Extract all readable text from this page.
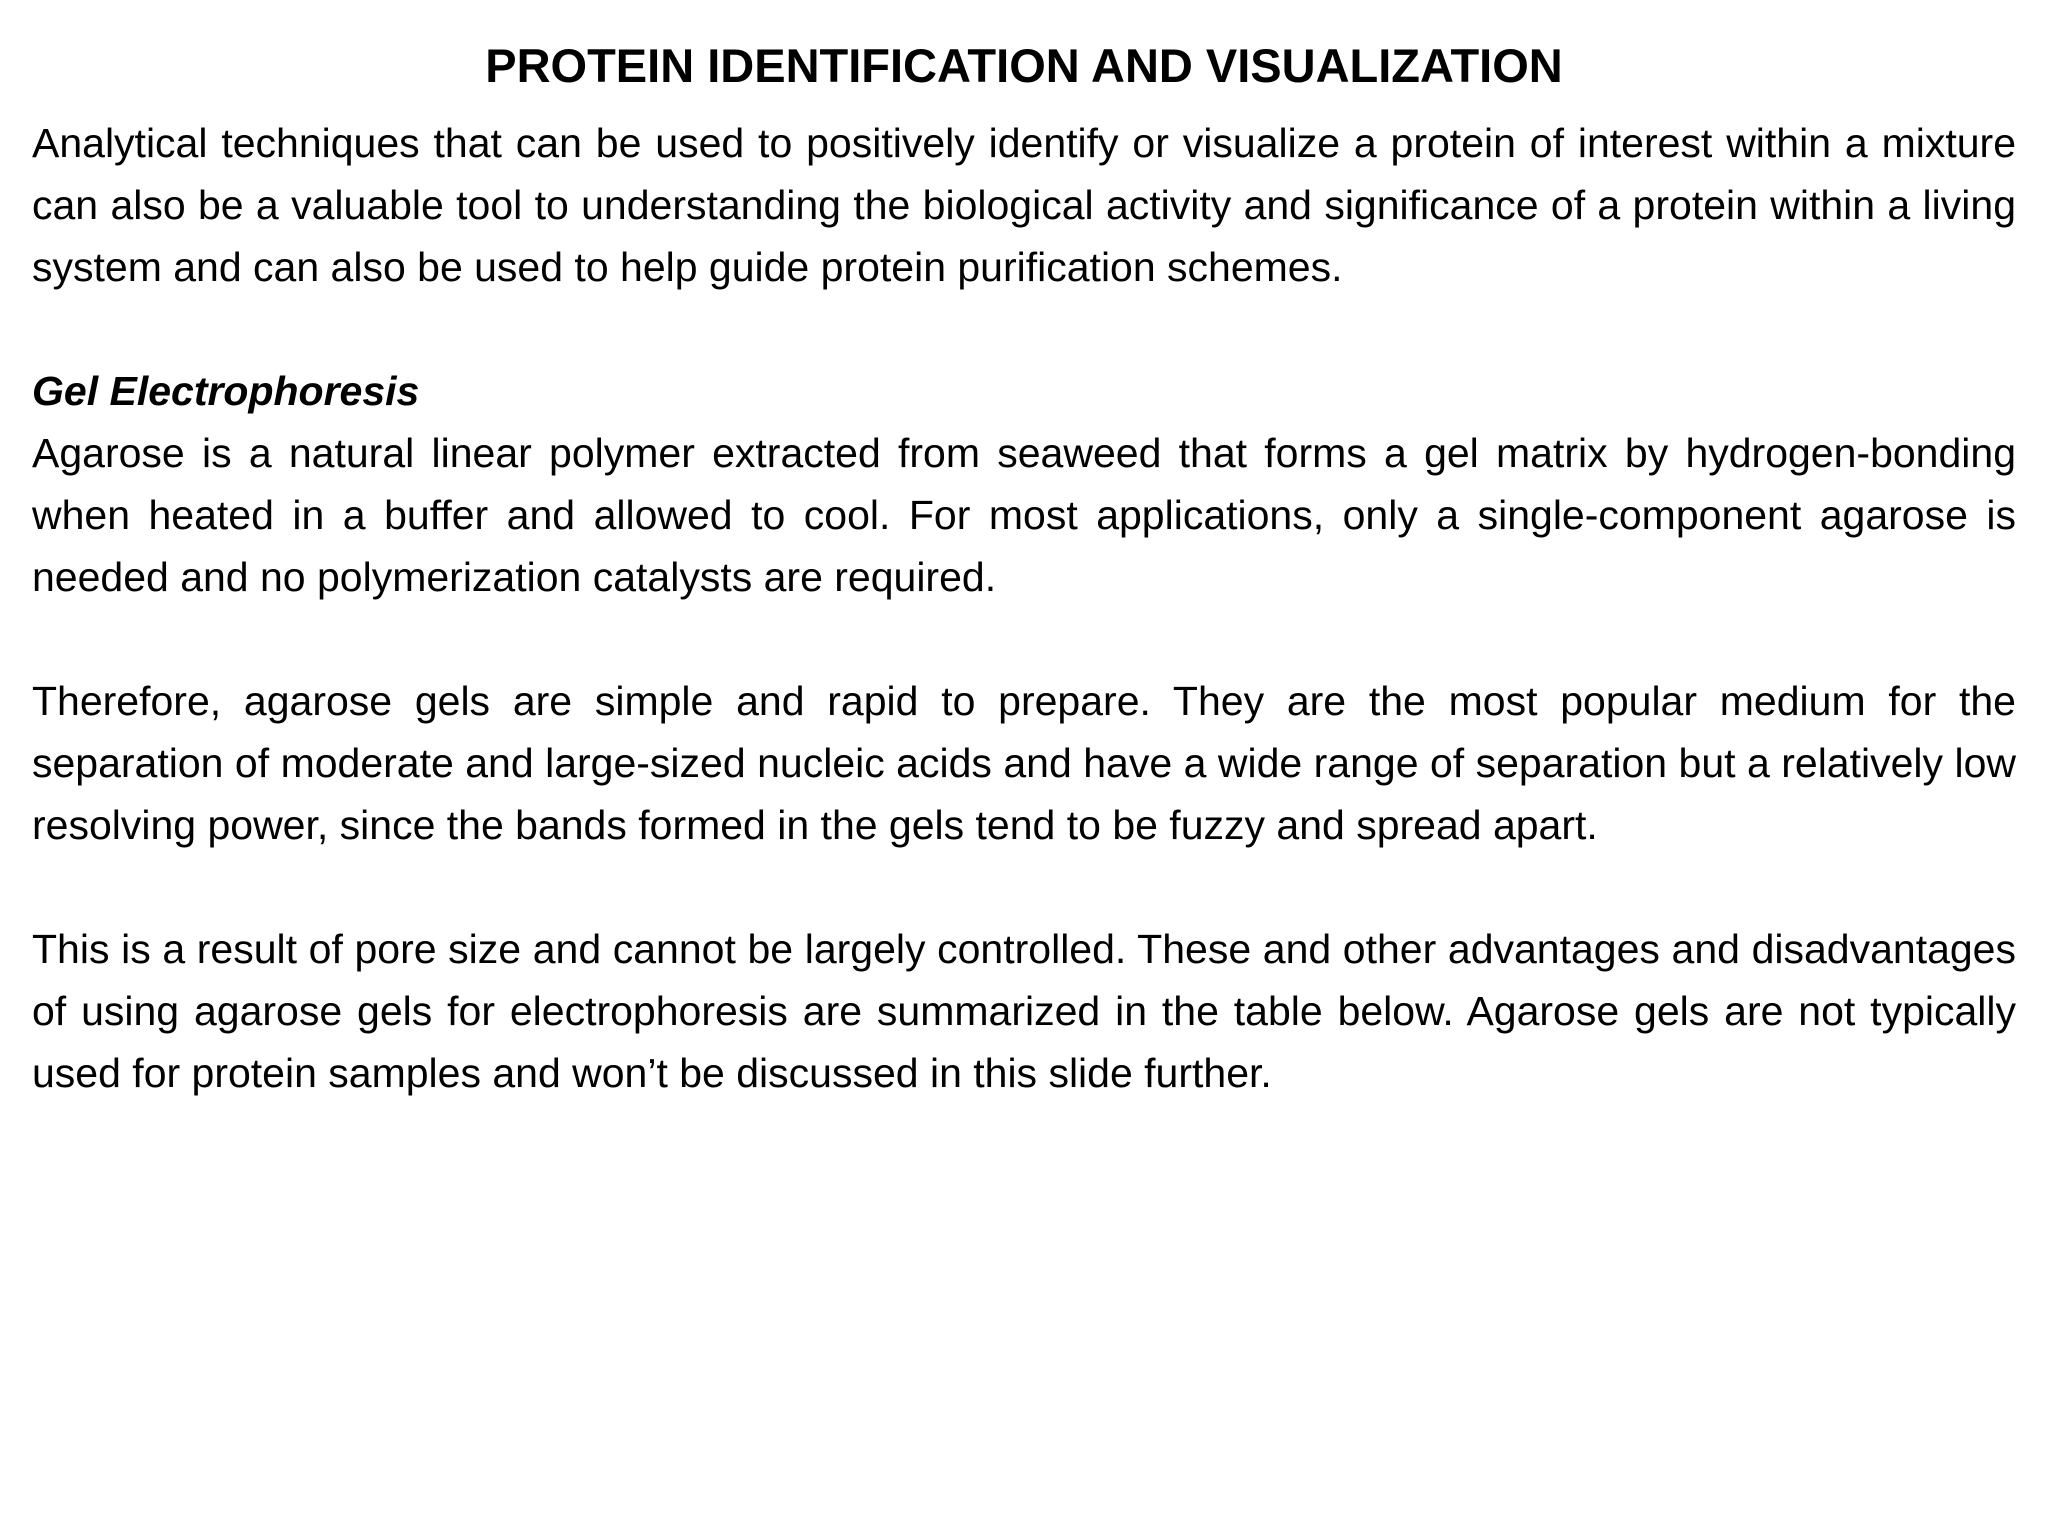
PROTEIN IDENTIFICATION AND VISUALIZATION

Analytical techniques that can be used to positively identify or visualize a protein of interest within a mixture can also be a valuable tool to understanding the biological activity and significance of a protein within a living system and can also be used to help guide protein purification schemes.

Gel Electrophoresis

Agarose is a natural linear polymer extracted from seaweed that forms a gel matrix by hydrogen-bonding when heated in a buffer and allowed to cool. For most applications, only a single-component agarose is needed and no polymerization catalysts are required.

Therefore, agarose gels are simple and rapid to prepare. They are the most popular medium for the separation of moderate and large-sized nucleic acids and have a wide range of separation but a relatively low resolving power, since the bands formed in the gels tend to be fuzzy and spread apart.

This is a result of pore size and cannot be largely controlled. These and other advantages and disadvantages of using agarose gels for electrophoresis are summarized in the table below. Agarose gels are not typically used for protein samples and won’t be discussed in this slide further.
